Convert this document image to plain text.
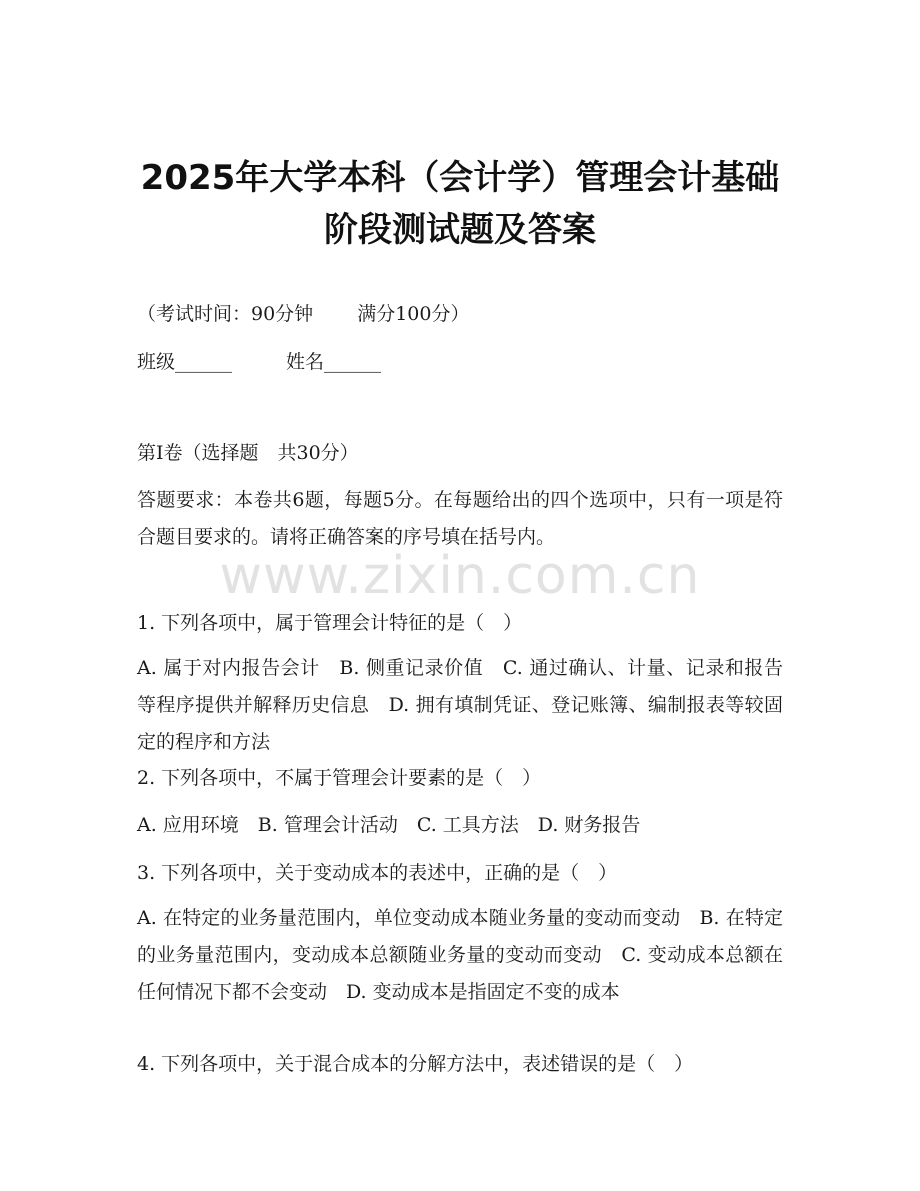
2025年大学本科（会计学）管理会计基础阶段测试题及答案
（考试时间：90分钟 满分100分）
班级______	姓名______
第Ⅰ卷（选择题　共30分）
答题要求：本卷共6题，每题5分。在每题给出的四个选项中，只有一项是符合题目要求的。请将正确答案的序号填在括号内。
www.zixin.com.cn
1. 下列各项中，属于管理会计特征的是（　）
A. 属于对内报告会计　B. 侧重记录价值　C. 通过确认、计量、记录和报告等程序提供并解释历史信息　D. 拥有填制凭证、登记账簿、编制报表等较固定的程序和方法
2. 下列各项中，不属于管理会计要素的是（　）
A. 应用环境　B. 管理会计活动　C. 工具方法　D. 财务报告
3. 下列各项中，关于变动成本的表述中，正确的是（　）
A. 在特定的业务量范围内，单位变动成本随业务量的变动而变动　B. 在特定的业务量范围内，变动成本总额随业务量的变动而变动　C. 变动成本总额在任何情况下都不会变动　D. 变动成本是指固定不变的成本
4. 下列各项中，关于混合成本的分解方法中，表述错误的是（　）
